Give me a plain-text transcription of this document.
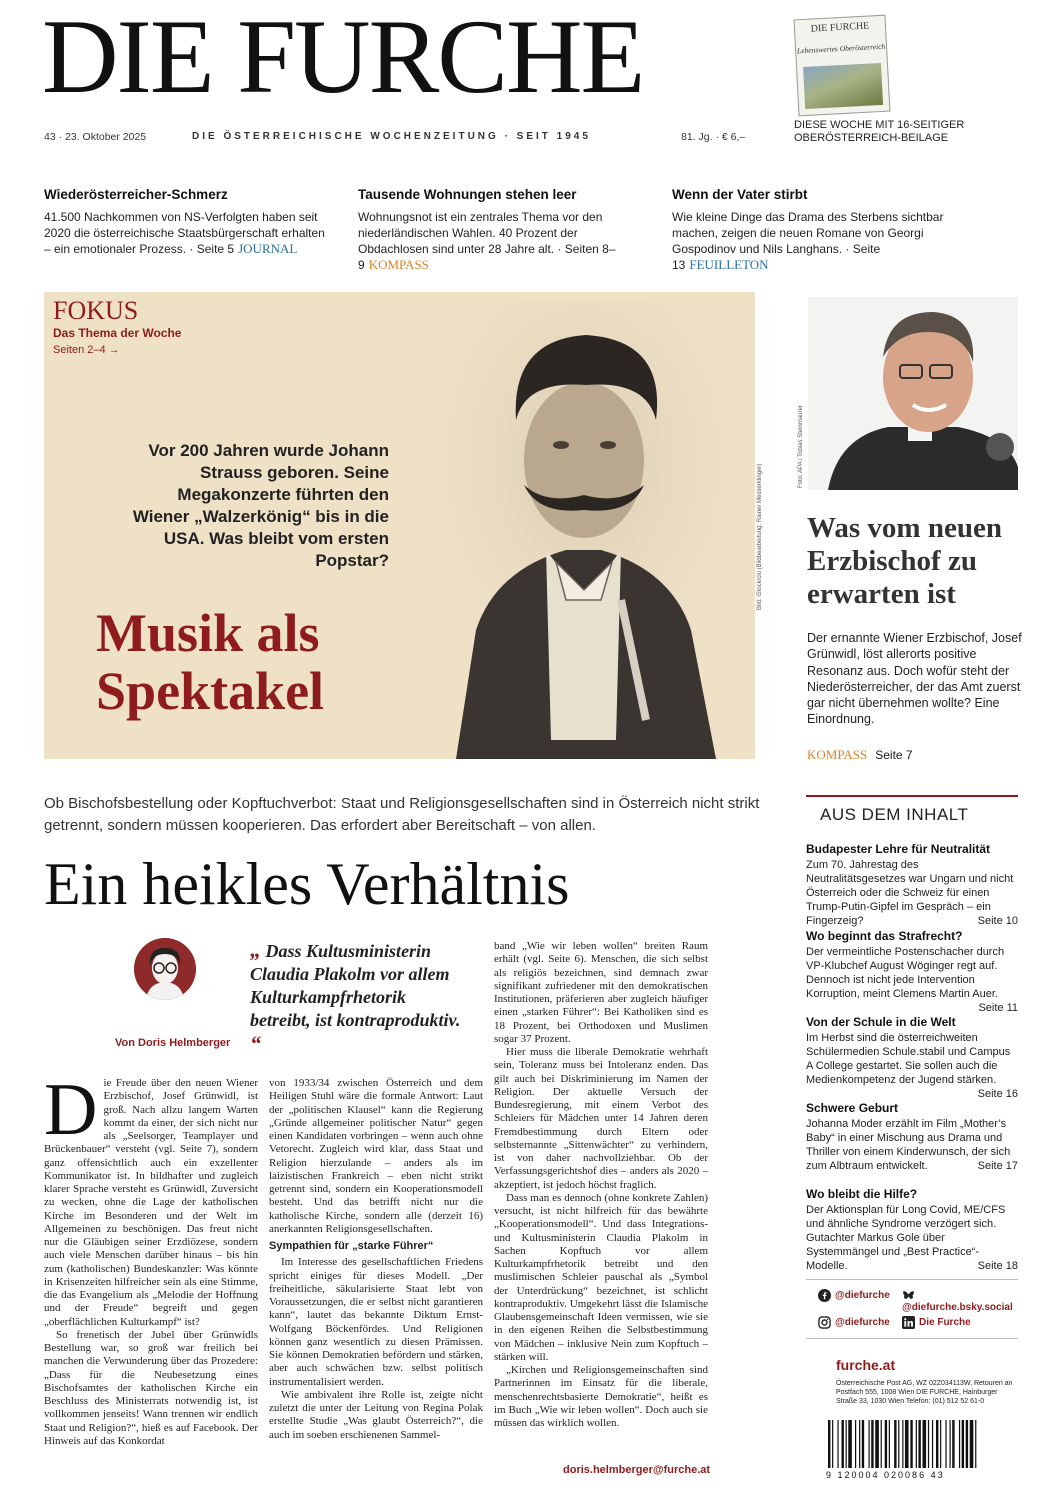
DIE FURCHE
43 · 23. Oktober 2025	DIE ÖSTERREICHISCHE WOCHENZEITUNG · SEIT 1945	81. Jg. · € 6,–
DIE FURCHE
Lebenswertes Oberösterreich
DIESE WOCHE MIT 16-SEITIGER OBERÖSTERREICH-BEILAGE
Wiederösterreicher-Schmerz

41.500 Nachkommen von NS-Verfolgten haben seit 2020 die österreichische Staatsbürgerschaft erhalten – ein emotionaler Prozess. · Seite 5 JOURNAL

Tausende Wohnungen stehen leer

Wohnungsnot ist ein zentrales Thema vor den niederländischen Wahlen. 40 Prozent der Obdachlosen sind unter 28 Jahre alt. · Seiten 8–9 KOMPASS

Wenn der Vater stirbt

Wie kleine Dinge das Drama des Sterbens sichtbar machen, zeigen die neuen Romane von Georgi Gospodinov und Nils Langhans. · Seite 13 FEUILLETON

FOKUS
Das Thema der Woche
Seiten 2–4 →
Vor 200 Jahren wurde Johann Strauss geboren. Seine Megakonzerte führten den Wiener „Walzerkönig“ bis in die USA. Was bleibt vom ersten Popstar?
Musik als
Spektakel
Bild: iStock/clu (Bildbearbeitung: Rainer Messerklinger)
Foto: APA / Tobias Steinmaurer
Was vom neuen Erzbischof zu erwarten ist
Der ernannte Wiener Erzbischof, Josef Grünwidl, löst allerorts positive Resonanz aus. Doch wofür steht der Niederösterreicher, der das Amt zuerst gar nicht übernehmen wollte? Eine Einordnung.
KOMPASS Seite 7
Ob Bischofsbestellung oder Kopftuchverbot: Staat und Religionsgesellschaften sind in Österreich nicht strikt getrennt, sondern müssen kooperieren. Das erfordert aber Bereitschaft – von allen.
Ein heikles Verhältnis
Von Doris Helmberger
„ Dass Kultusministerin Claudia Plakolm vor allem Kulturkampfrhetorik betreibt, ist kontraproduktiv. “
D ie Freude über den neuen Wiener Erzbischof, Josef Grünwidl, ist groß. Nach allzu langem Warten kommt da einer, der sich nicht nur als „Seelsorger, Teamplayer und Brückenbauer“ versteht (vgl. Seite 7), sondern ganz offensichtlich auch ein exzellenter Kommunikator ist. In bildhafter und zugleich klarer Sprache versteht es Grünwidl, Zuversicht zu wecken, ohne die Lage der katholischen Kirche im Besonderen und der Welt im Allgemeinen zu beschönigen. Das freut nicht nur die Gläubigen seiner Erzdiözese, sondern auch viele Menschen darüber hinaus – bis hin zum (katholischen) Bundeskanzler: Was könnte in Krisenzeiten hilfreicher sein als eine Stimme, die das Evangelium als „Melodie der Hoffnung und der Freude“ begreift und gegen „oberflächlichen Kulturkampf“ ist?

So frenetisch der Jubel über Grünwidls Bestellung war, so groß war freilich bei manchen die Verwunderung über das Prozedere: „Dass für die Neubesetzung eines Bischofsamtes der katholischen Kirche ein Beschluss des Ministerrats notwendig ist, ist vollkommen jenseits! Wann trennen wir endlich Staat und Religion?“, hieß es auf Facebook. Der Hinweis auf das Konkordat

von 1933/34 zwischen Österreich und dem Heiligen Stuhl wäre die formale Antwort: Laut der „politischen Klausel“ kann die Regierung „Gründe allgemeiner politischer Natur“ gegen einen Kandidaten vorbringen – wenn auch ohne Vetorecht. Zugleich wird klar, dass Staat und Religion hierzulande – anders als im laizistischen Frankreich – eben nicht strikt getrennt sind, sondern ein Kooperationsmodell besteht. Und das betrifft nicht nur die katholische Kirche, sondern alle (derzeit 16) anerkannten Religionsgesellschaften.

Sympathien für „starke Führer“

Im Interesse des gesellschaftlichen Friedens spricht einiges für dieses Modell. „Der freiheitliche, säkularisierte Staat lebt von Voraussetzungen, die er selbst nicht garantieren kann“, lautet das bekannte Diktum Ernst-Wolfgang Böckenfördes. Und Religionen können ganz wesentlich zu diesen Prämissen. Sie können Demokratien befördern und stärken, aber auch schwächen bzw. selbst politisch instrumentalisiert werden.

Wie ambivalent ihre Rolle ist, zeigte nicht zuletzt die unter der Leitung von Regina Polak erstellte Studie „Was glaubt Österreich?“, die auch im soeben erschienenen Sammel-

band „Wie wir leben wollen“ breiten Raum erhält (vgl. Seite 6). Menschen, die sich selbst als religiös bezeichnen, sind demnach zwar signifikant zufriedener mit den demokratischen Institutionen, präferieren aber zugleich häufiger einen „starken Führer“: Bei Katholiken sind es 18 Prozent, bei Orthodoxen und Muslimen sogar 37 Prozent.

Hier muss die liberale Demokratie wehrhaft sein, Toleranz muss bei Intoleranz enden. Das gilt auch bei Diskriminierung im Namen der Religion. Der aktuelle Versuch der Bundesregierung, mit einem Verbot des Schleiers für Mädchen unter 14 Jahren deren Fremdbestimmung durch Eltern oder selbsternannte „Sittenwächter“ zu verhindern, ist von daher nachvollziehbar. Ob der Verfassungsgerichtshof dies – anders als 2020 – akzeptiert, ist jedoch höchst fraglich.

Dass man es dennoch (ohne konkrete Zahlen) versucht, ist nicht hilfreich für das bewährte „Kooperationsmodell“. Und dass Integrations- und Kultusministerin Claudia Plakolm in Sachen Kopftuch vor allem Kulturkampfrhetorik betreibt und den muslimischen Schleier pauschal als „Symbol der Unterdrückung“ bezeichnet, ist schlicht kontraproduktiv. Umgekehrt lässt die Islamische Glaubensgemeinschaft Ideen vermissen, wie sie in den eigenen Reihen die Selbstbestimmung von Mädchen – inklusive Nein zum Kopftuch – stärken will.

„Kirchen und Religionsgemeinschaften sind Partnerinnen im Einsatz für die liberale, menschenrechtsbasierte Demokratie“, heißt es im Buch „Wie wir leben wollen“. Doch auch sie müssen das wirklich wollen.

doris.helmberger@furche.at
AUS DEM INHALT
Budapester Lehre für Neutralität

Zum 70. Jahrestag des Neutralitätsgesetzes war Ungarn und nicht Österreich oder die Schweiz für einen Trump-Putin-Gipfel im Gespräch – ein Fingerzeig?	Seite 10

Wo beginnt das Strafrecht?

Der vermeintliche Postenschacher durch VP-Klubchef August Wöginger regt auf. Dennoch ist nicht jede Intervention Korruption, meint Clemens Martin Auer.
Seite 11

Von der Schule in die Welt

Im Herbst sind die österreichweiten Schülermedien Schule.stabil und Campus A College gestartet. Sie sollen auch die Medienkompetenz der Jugend stärken.
Seite 16

Schwere Geburt

Johanna Moder erzählt im Film „Mother’s Baby“ in einer Mischung aus Drama und Thriller von einem Kinderwunsch, der sich zum Albtraum entwickelt.	Seite 17

Wo bleibt die Hilfe?

Der Aktionsplan für Long Covid, ME/CFS und ähnliche Syndrome verzögert sich. Gutachter Markus Gole über Systemmängel und „Best Practice“-Modelle.	Seite 18

@diefurche
@diefurche.bsky.social
@diefurche	Die Furche
furche.at
Österreichische Post AG, WZ 02Z034113W, Retouren an Postfach 555, 1008 Wien DIE FURCHE, Hainburger Straße 33, 1030 Wien Telefon: (01) 512 52 61-0
9 120004 020086 43
